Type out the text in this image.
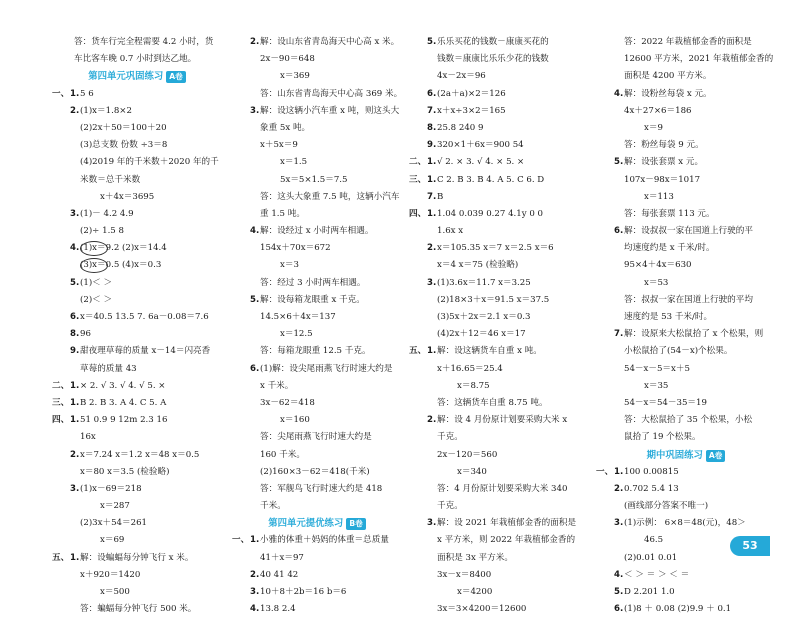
答：货车行完全程需要 4.2 小时，货
车比客车晚 0.7 小时到达乙地。
第四单元巩固练习 A卷
一、 1. 5 6
2. (1)x＝1.8×2
(2)2x＋50＝100＋20
(3)总支数 份数 ÷3＝8
(4)2019 年的千米数＋2020 年的千
米数＝总千米数
x＋4x＝3695
3. (1)－ 4.2 4.9
(2)÷ 1.5 8
4. (1)x＝9.2 (2)x＝14.4
(3)x＝0.5 (4)x＝0.3
5. (1)＜ ＞
(2)＜ ＞
6. x＝40.5 13.5 7. 6a－0.08＝7.6
8. 96
9. 甜夜理草莓的质量 x－14＝闪亮香
草莓的质量 43
二、 1. × 2. √ 3. √ 4. √ 5. ×
三、 1. B 2. B 3. A 4. C 5. A
四、 1. 51 0.9 9 12m 2.3 16
16x
2. x＝7.24 x＝1.2 x＝48 x＝0.5
x＝80 x＝3.5 (检验略)
3. (1)x－69＝218
x＝287
(2)3x＋54＝261
x＝69
五、 1. 解：设蝙蝠每分钟飞行 x 米。
x＋920＝1420
x＝500
答：蝙蝠每分钟飞行 500 米。
2. 解：设山东省青岛海天中心高 x 米。
2x－90＝648
x＝369
答：山东省青岛海天中心高 369 米。
3. 解：设这辆小汽车重 x 吨，则这头大
象重 5x 吨。
x＋5x＝9
x＝1.5
5x＝5×1.5＝7.5
答：这头大象重 7.5 吨，这辆小汽车
重 1.5 吨。
4. 解：设经过 x 小时两车相遇。
154x＋70x＝672
x＝3
答：经过 3 小时两车相遇。
5. 解：设每箱龙眼重 x 千克。
14.5×6＋4x＝137
x＝12.5
答：每箱龙眼重 12.5 千克。
6. (1)解：设尖尾雨燕飞行时速大约是
x 千米。
3x－62＝418
x＝160
答：尖尾雨燕飞行时速大约是
160 千米。
(2)160×3－62＝418(千米)
答：军舰鸟飞行时速大约是 418
千米。
第四单元提优练习 B卷
一、 1. 小雅的体重＋妈妈的体重＝总质量
41＋x＝97
2. 40 41 42
3. 10＋8＋2b＝16 b＝6
4. 13.8 2.4
5. 乐乐买花的钱数－康康买花的
钱数＝康康比乐乐少花的钱数
4x－2x＝96
6. (2a＋a)×2＝126
7. x＋x÷3×2＝165
8. 25.8 240 9
9. 320×1＋6x＝900 54
二、 1. √ 2. × 3. √ 4. × 5. ×
三、 1. C 2. B 3. B 4. A 5. C 6. D
7. B
四、 1. 1.04 0.039 0.27 4.1y 0 0
1.6x x
2. x＝105.35 x＝7 x＝2.5 x＝6
x＝4 x＝75 (检验略)
3. (1)3.6x＝11.7 x＝3.25
(2)18×3＋x＝91.5 x＝37.5
(3)5x＋2x＝2.1 x＝0.3
(4)2x＋12＝46 x＝17
五、 1. 解：设这辆货车自重 x 吨。
x＋16.65＝25.4
x＝8.75
答：这辆货车自重 8.75 吨。
2. 解：设 4 月份原计划要采购大米 x
千克。
2x－120＝560
x＝340
答：4 月份原计划要采购大米 340
千克。
3. 解：设 2021 年栽植郁金香的面积是
x 平方米，则 2022 年栽植郁金香的
面积是 3x 平方米。
3x－x＝8400
x＝4200
3x＝3×4200＝12600
答：2022 年栽植郁金香的面积是
12600 平方米，2021 年栽植郁金香的
面积是 4200 平方米。
4. 解：设粉丝每袋 x 元。
4x＋27×6＝186
x＝9
答：粉丝每袋 9 元。
5. 解：设张套票 x 元。
107x－98x＝1017
x＝113
答：每张套票 113 元。
6. 解：设叔叔一家在国道上行驶的平
均速度约是 x 千米/时。
95×4＋4x＝630
x＝53
答：叔叔一家在国道上行驶的平均
速度约是 53 千米/时。
7. 解：设原来大松鼠拾了 x 个松果，则
小松鼠拾了(54－x)个松果。
54－x－5＝x＋5
x＝35
54－x＝54－35＝19
答：大松鼠拾了 35 个松果，小松
鼠拾了 19 个松果。
期中巩固练习 A卷
一、 1. 100 0.00815
2. 0.702 5.4 13
(画线部分答案不唯一)
3. (1)示例： 6×8＝48(元)，48＞
46.5
(2)0.01 0.01
4. ＜ ＞ ＝ ＞ ＜ ＝
5. D 2.201 1.0
6. (1)8 ＋ 0.08 (2)9.9 ＋ 0.1
53
